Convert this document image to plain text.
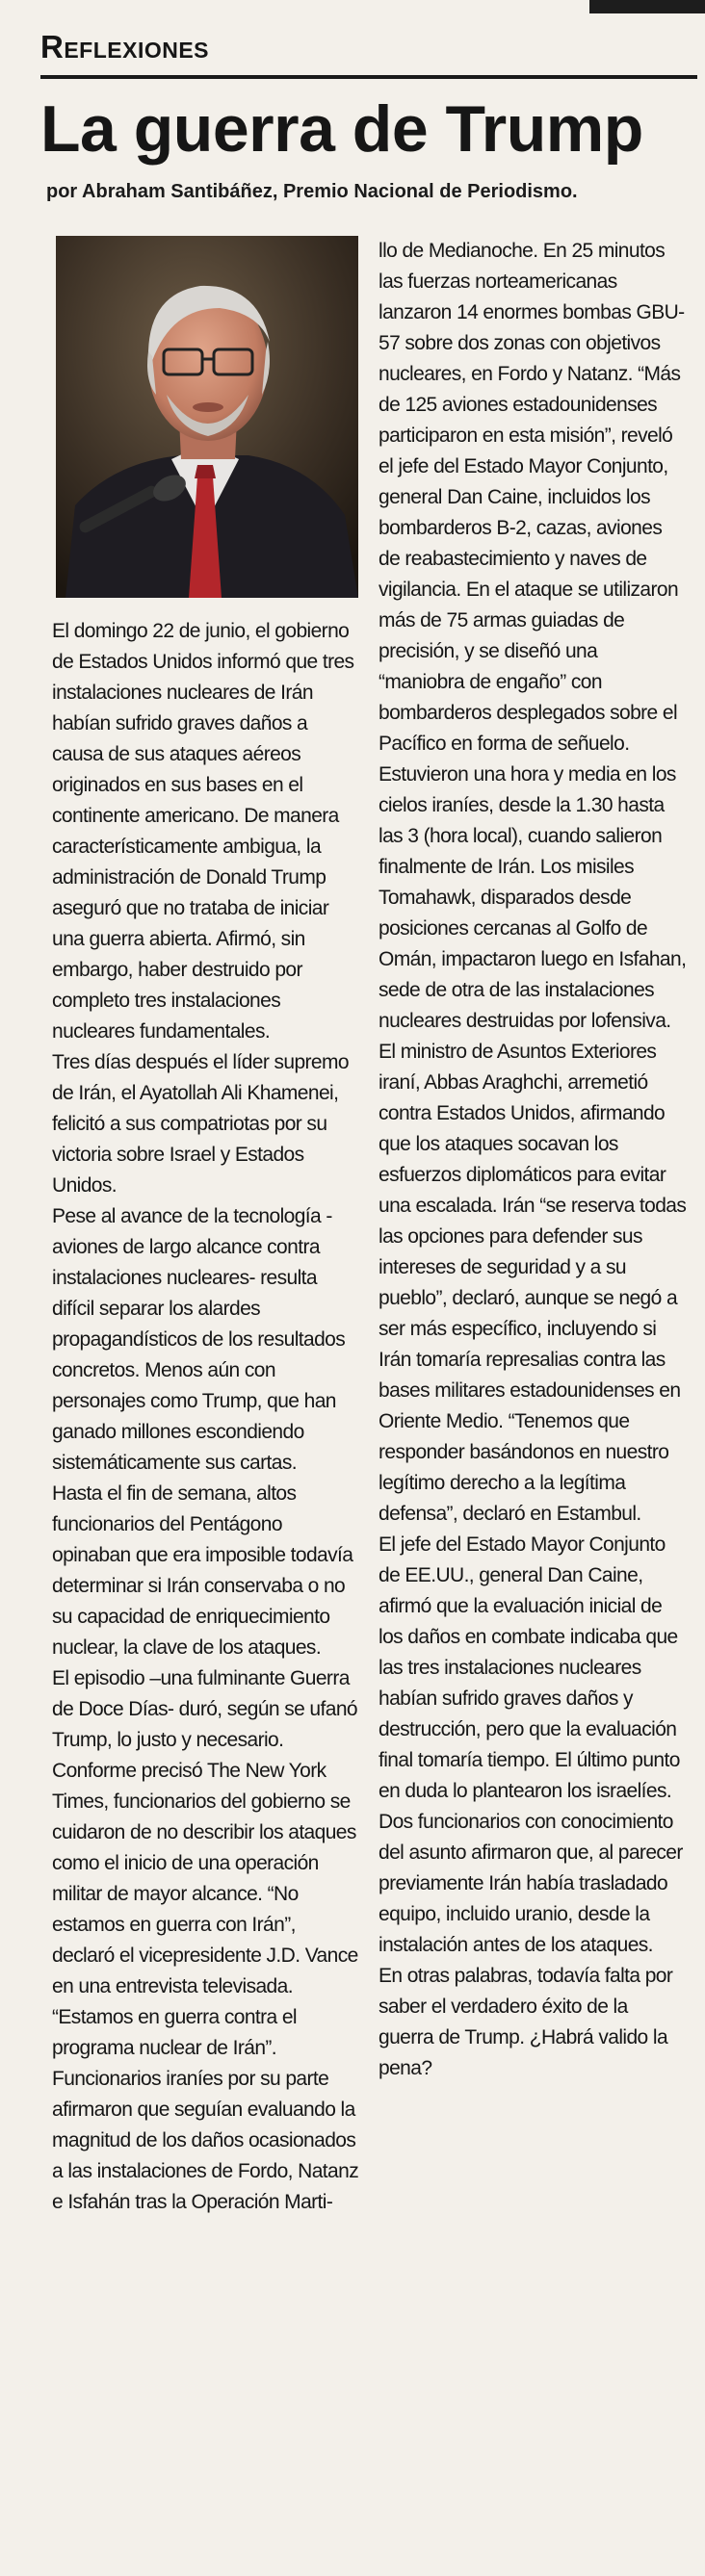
Reflexiones
La guerra de Trump
por Abraham Santibáñez, Premio Nacional de Periodismo.

El domingo 22 de junio, el gobierno de Estados Unidos informó que tres instalaciones nucleares de Irán habían sufrido graves daños a causa de sus ataques aéreos originados en sus bases en el continente americano. De manera característicamente ambigua, la administración de Donald Trump aseguró que no trataba de iniciar una guerra abierta. Afirmó, sin embargo, haber destruido por completo tres instalaciones nucleares fundamentales.

Tres días después el líder supremo de Irán, el Ayatollah Ali Khamenei, felicitó a sus compatriotas por su victoria sobre Israel y Estados Unidos.

Pese al avance de la tecnología -aviones de largo alcance contra instalaciones nucleares- resulta difícil separar los alardes propagandísticos de los resultados concretos. Menos aún con personajes como Trump, que han ganado millones escondiendo sistemáticamente sus cartas.

Hasta el fin de semana, altos funcionarios del Pentágono opinaban que era imposible todavía determinar si Irán conservaba o no su capacidad de enriquecimiento nuclear, la clave de los ataques.

El episodio –una fulminante Guerra de Doce Días- duró, según se ufanó Trump, lo justo y necesario. Conforme precisó The New York Times, funcionarios del gobierno se cuidaron de no describir los ataques como el inicio de una operación militar de mayor alcance. “No estamos en guerra con Irán”, declaró el vicepresidente J.D. Vance en una entrevista televisada. “Estamos en guerra contra el programa nuclear de Irán”.

Funcionarios iraníes por su parte afirmaron que seguían evaluando la magnitud de los daños ocasionados a las instalaciones de Fordo, Natanz e Isfahán tras la Operación Marti-

llo de Medianoche. En 25 minutos las fuerzas norteamericanas lanzaron 14 enormes bombas GBU-57 sobre dos zonas con objetivos nucleares, en Fordo y Natanz. “Más de 125 aviones estadounidenses participaron en esta misión”, reveló el jefe del Estado Mayor Conjunto, general Dan Caine, incluidos los bombarderos B-2, cazas, aviones de reabastecimiento y naves de vigilancia. En el ataque se utilizaron más de 75 armas guiadas de precisión, y se diseñó una “maniobra de engaño” con bombarderos desplegados sobre el Pacífico en forma de señuelo.

Estuvieron una hora y media en los cielos iraníes, desde la 1.30 hasta las 3 (hora local), cuando salieron finalmente de Irán. Los misiles Tomahawk, disparados desde posiciones cercanas al Golfo de Omán, impactaron luego en Isfahan, sede de otra de las instalaciones nucleares destruidas por lofensiva.

El ministro de Asuntos Exteriores iraní, Abbas Araghchi, arremetió contra Estados Unidos, afirmando que los ataques socavan los esfuerzos diplomáticos para evitar una escalada. Irán “se reserva todas las opciones para defender sus intereses de seguridad y a su pueblo”, declaró, aunque se negó a ser más específico, incluyendo si Irán tomaría represalias contra las bases militares estadounidenses en Oriente Medio. “Tenemos que responder basándonos en nuestro legítimo derecho a la legítima defensa”, declaró en Estambul.

El jefe del Estado Mayor Conjunto de EE.UU., general Dan Caine, afirmó que la evaluación inicial de los daños en combate indicaba que las tres instalaciones nucleares habían sufrido graves daños y destrucción, pero que la evaluación final tomaría tiempo. El último punto en duda lo plantearon los israelíes. Dos funcionarios con conocimiento del asunto afirmaron que, al parecer previamente Irán había trasladado equipo, incluido uranio, desde la instalación antes de los ataques.

En otras palabras, todavía falta por saber el verdadero éxito de la guerra de Trump. ¿Habrá valido la pena?
